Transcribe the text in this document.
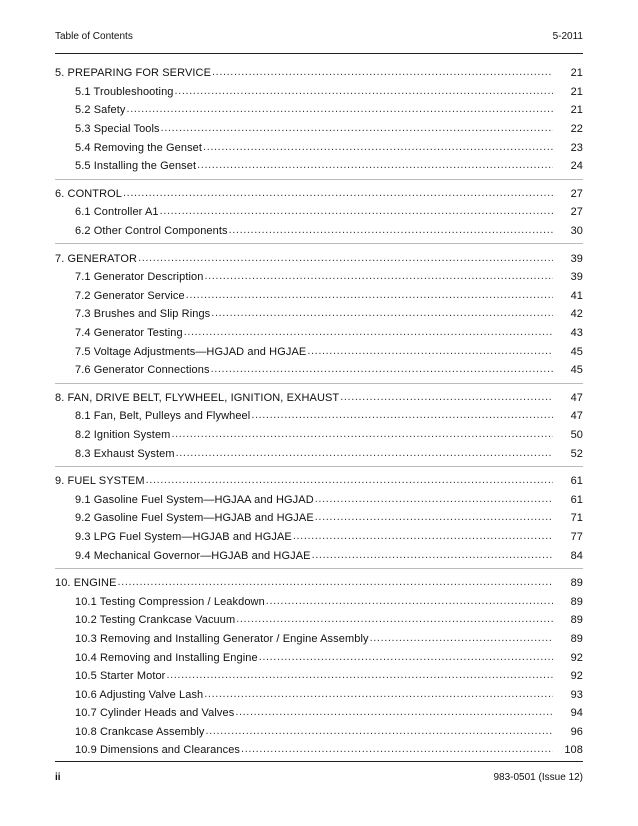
Table of Contents	5-2011
5. PREPARING FOR SERVICE .....	21
5.1 Troubleshooting .....	21
5.2 Safety .....	21
5.3 Special Tools .....	22
5.4 Removing the Genset .....	23
5.5 Installing the Genset .....	24
6. CONTROL .....	27
6.1 Controller A1 .....	27
6.2 Other Control Components .....	30
7. GENERATOR .....	39
7.1 Generator Description .....	39
7.2 Generator Service .....	41
7.3 Brushes and Slip Rings .....	42
7.4 Generator Testing .....	43
7.5 Voltage Adjustments—HGJAD and HGJAE .....	45
7.6 Generator Connections .....	45
8. FAN, DRIVE BELT, FLYWHEEL, IGNITION, EXHAUST .....	47
8.1 Fan, Belt, Pulleys and Flywheel .....	47
8.2 Ignition System .....	50
8.3 Exhaust System .....	52
9. FUEL SYSTEM .....	61
9.1 Gasoline Fuel System—HGJAA and HGJAD .....	61
9.2 Gasoline Fuel System—HGJAB and HGJAE .....	71
9.3 LPG Fuel System—HGJAB and HGJAE .....	77
9.4 Mechanical Governor—HGJAB and HGJAE .....	84
10. ENGINE .....	89
10.1 Testing Compression / Leakdown .....	89
10.2 Testing Crankcase Vacuum .....	89
10.3 Removing and Installing Generator / Engine Assembly .....	89
10.4 Removing and Installing Engine .....	92
10.5 Starter Motor .....	92
10.6 Adjusting Valve Lash .....	93
10.7 Cylinder Heads and Valves .....	94
10.8 Crankcase Assembly .....	96
10.9 Dimensions and Clearances .....	108
ii	983-0501 (Issue 12)
